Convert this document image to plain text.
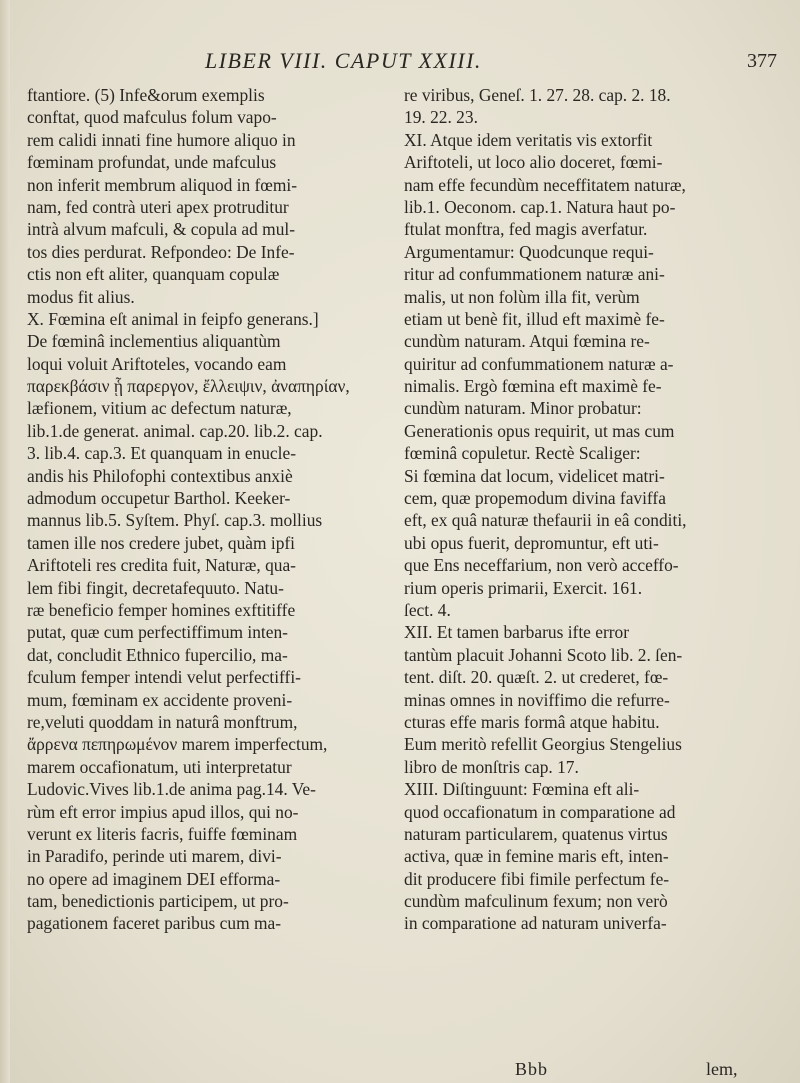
LIBER VIII. CAPUT XXIII.	377
ftantiore. (5) Infe&orum exemplis
conftat, quod mafculus folum vapo-
rem calidi innati fine humore aliquo in
fœminam profundat, unde mafculus
non inferit membrum aliquod in fœmi-
nam, fed contrà uteri apex protruditur
intrà alvum mafculi, & copula ad mul-
tos dies perdurat. Refpondeo: De Infe-
ctis non eft aliter, quanquam copulæ
modus fit alius.
X. Fœmina eſt animal in feipfo generans.]
De fœminâ inclementius aliquantùm
loqui voluit Ariftoteles, vocando eam
παρεκβάσιν ᾗ παρεργον, ἔλλειψιν, ἀναπηρίαν,
læfionem, vitium ac defectum naturæ,
lib.1.de generat. animal. cap.20. lib.2. cap.
3. lib.4. cap.3. Et quanquam in enucle-
andis his Philofophi contextibus anxiè
admodum occupetur Barthol. Keeker-
mannus lib.5. Syſtem. Phyſ. cap.3. mollius
tamen ille nos credere jubet, quàm ipfi
Ariftoteli res credita fuit, Naturæ, qua-
lem fibi fingit, decretafequuto. Natu-
ræ beneficio femper homines exftitiffe
putat, quæ cum perfectiffimum inten-
dat, concludit Ethnico fupercilio, ma-
fculum femper intendi velut perfectiffi-
mum, fœminam ex accidente proveni-
re,veluti quoddam in naturâ monftrum,
ἄρρενα πεπηρωμένον marem imperfectum,
marem occafionatum, uti interpretatur
Ludovic.Vives lib.1.de anima pag.14. Ve-
rùm eft error impius apud illos, qui no-
verunt ex literis facris, fuiffe fœminam
in Paradifo, perinde uti marem, divi-
no opere ad imaginem DEI efforma-
tam, benedictionis participem, ut pro-
pagationem faceret paribus cum ma-
re viribus, Geneſ. 1. 27. 28. cap. 2. 18.
19. 22. 23.
XI. Atque idem veritatis vis extorfit
Ariftoteli, ut loco alio doceret, fœmi-
nam effe fecundùm neceffitatem naturæ,
lib.1. Oeconom. cap.1. Natura haut po-
ftulat monftra, fed magis averfatur.
Argumentamur: Quodcunque requi-
ritur ad confummationem naturæ ani-
malis, ut non folùm illa fit, verùm
etiam ut benè fit, illud eft maximè fe-
cundùm naturam. Atqui fœmina re-
quiritur ad confummationem naturæ a-
nimalis. Ergò fœmina eft maximè fe-
cundùm naturam. Minor probatur:
Generationis opus requirit, ut mas cum
fœminâ copuletur. Rectè Scaliger:
Si fœmina dat locum, videlicet matri-
cem, quæ propemodum divina faviffa
eft, ex quâ naturæ thefaurii in eâ conditi,
ubi opus fuerit, depromuntur, eft uti-
que Ens neceffarium, non verò acceffo-
rium operis primarii, Exercit. 161.
ſect. 4.
XII. Et tamen barbarus ifte error
tantùm placuit Johanni Scoto lib. 2. ſen-
tent. diſt. 20. quæſt. 2. ut crederet, fœ-
minas omnes in noviffimo die refurre-
cturas effe maris formâ atque habitu.
Eum meritò refellit Georgius Stengelius
libro de monſtris cap. 17.
XIII. Diſtinguunt: Fœmina eft ali-
quod occafionatum in comparatione ad
naturam particularem, quatenus virtus
activa, quæ in femine maris eft, inten-
dit producere fibi fimile perfectum fe-
cundùm mafculinum fexum; non verò
in comparatione ad naturam univerfa-
Bbb	lem,
